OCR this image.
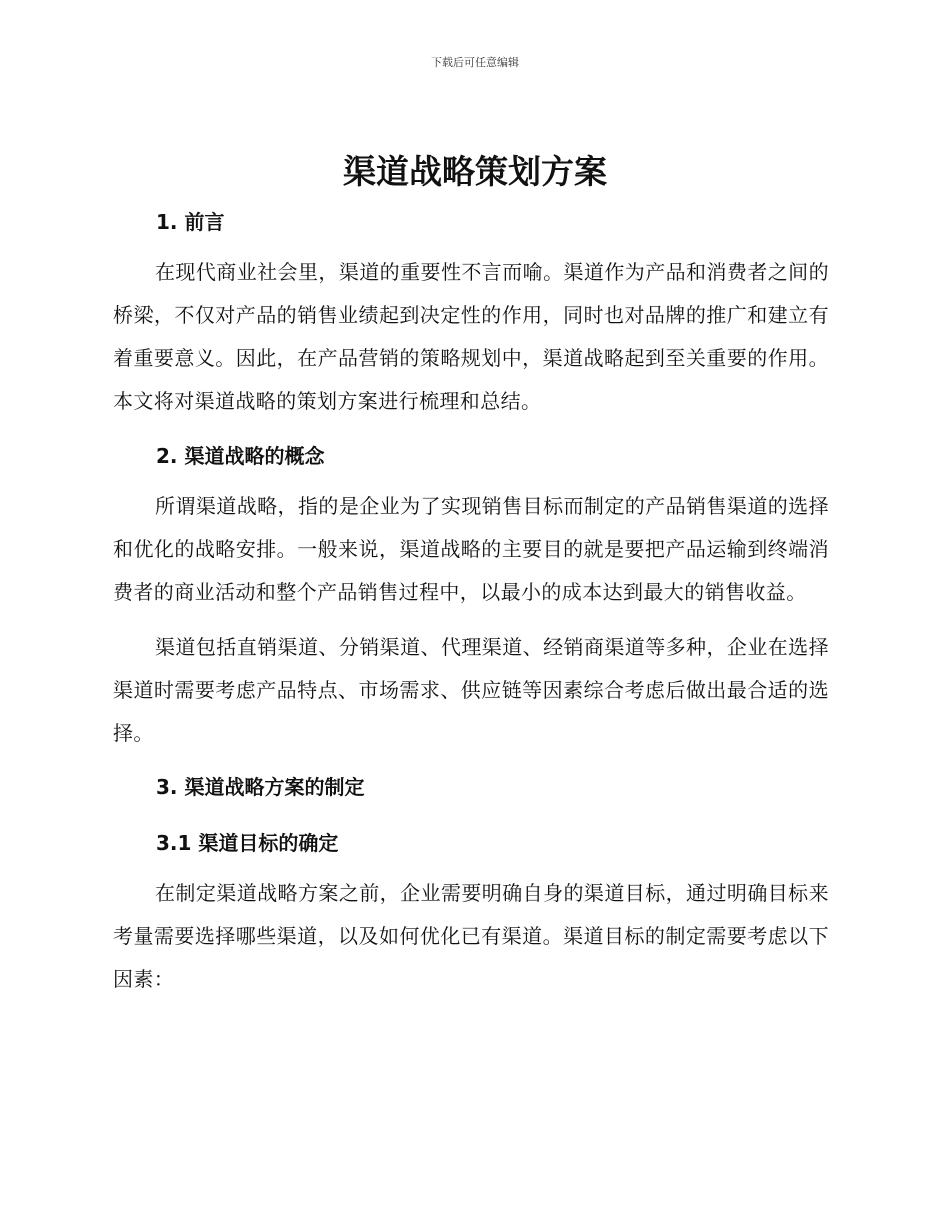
下载后可任意编辑
渠道战略策划方案
1. 前言

在现代商业社会里，渠道的重要性不言而喻。渠道作为产品和消费者之间的桥梁，不仅对产品的销售业绩起到决定性的作用，同时也对品牌的推广和建立有着重要意义。因此，在产品营销的策略规划中，渠道战略起到至关重要的作用。本文将对渠道战略的策划方案进行梳理和总结。

2. 渠道战略的概念

所谓渠道战略，指的是企业为了实现销售目标而制定的产品销售渠道的选择和优化的战略安排。一般来说，渠道战略的主要目的就是要把产品运输到终端消费者的商业活动和整个产品销售过程中，以最小的成本达到最大的销售收益。

渠道包括直销渠道、分销渠道、代理渠道、经销商渠道等多种，企业在选择渠道时需要考虑产品特点、市场需求、供应链等因素综合考虑后做出最合适的选择。

3. 渠道战略方案的制定
3.1 渠道目标的确定

在制定渠道战略方案之前，企业需要明确自身的渠道目标，通过明确目标来考量需要选择哪些渠道，以及如何优化已有渠道。渠道目标的制定需要考虑以下因素：
